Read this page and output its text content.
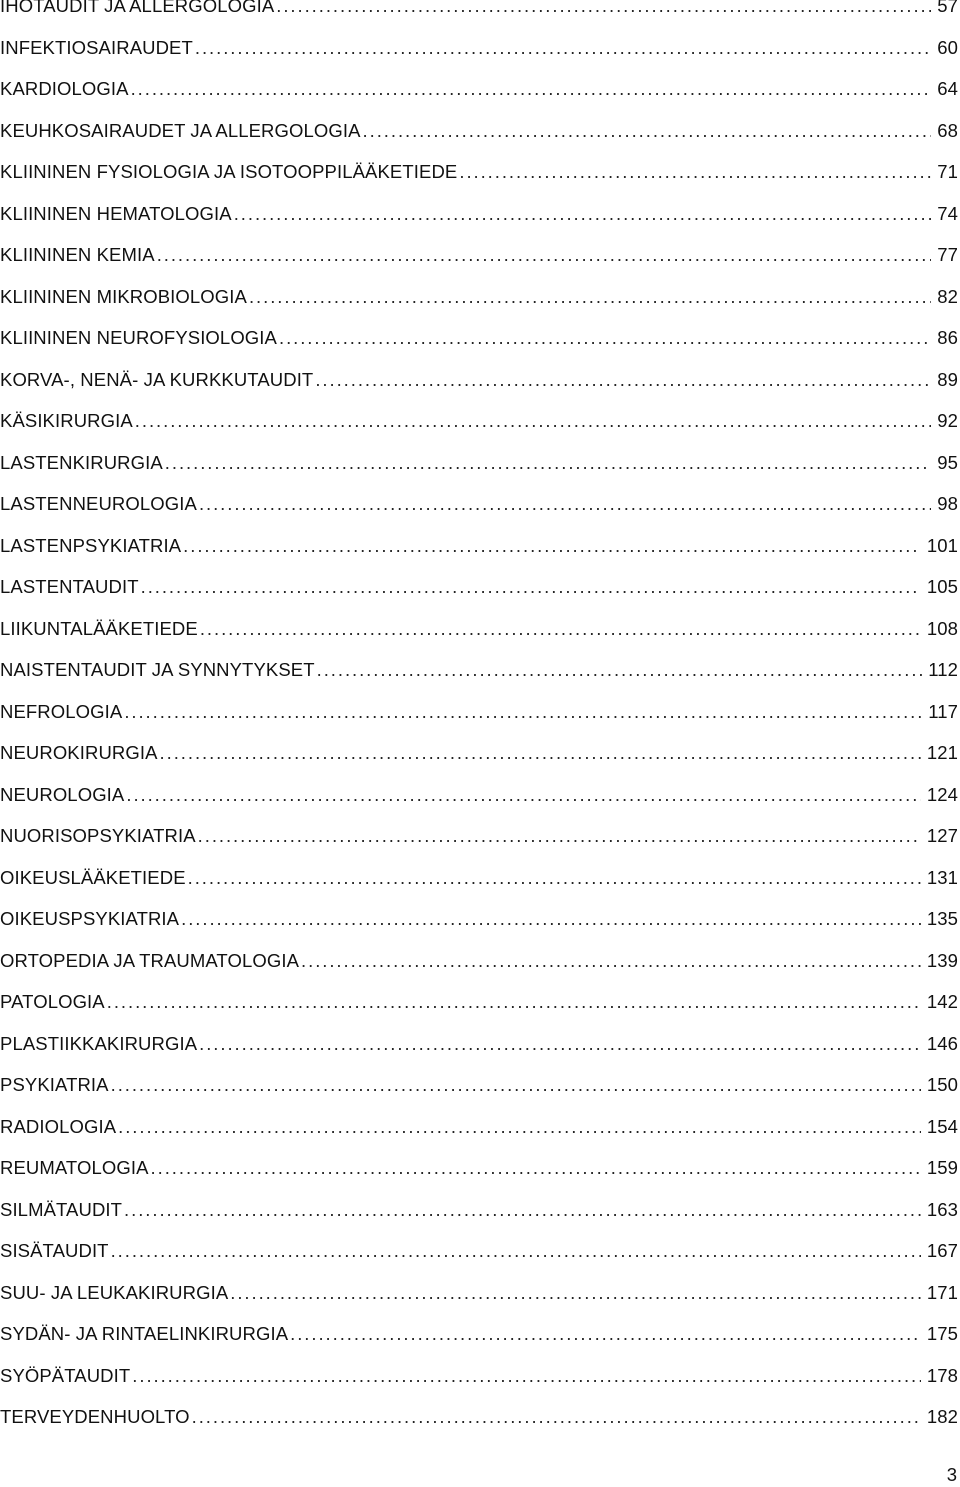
IHOTAUDIT JA ALLERGOLOGIA . . .	57
INFEKTIOSAIRAUDET . . .	60
KARDIOLOGIA . . .	64
KEUHKOSAIRAUDET JA ALLERGOLOGIA . . .	68
KLIININEN FYSIOLOGIA JA ISOTOOPPILÄÄKETIEDE . . .	71
KLIININEN HEMATOLOGIA . . .	74
KLIININEN KEMIA . . .	77
KLIININEN MIKROBIOLOGIA . . .	82
KLIININEN NEUROFYSIOLOGIA . . .	86
KORVA-, NENÄ- JA KURKKUTAUDIT . . .	89
KÄSIKIRURGIA . . .	92
LASTENKIRURGIA . . .	95
LASTENNEUROLOGIA . . .	98
LASTENPSYKIATRIA . . .	101
LASTENTAUDIT . . .	105
LIIKUNTALÄÄKETIEDE . . .	108
NAISTENTAUDIT JA SYNNYTYKSET . . .	112
NEFROLOGIA . . .	117
NEUROKIRURGIA . . .	121
NEUROLOGIA . . .	124
NUORISOPSYKIATRIA . . .	127
OIKEUSLÄÄKETIEDE . . .	131
OIKEUSPSYKIATRIA . . .	135
ORTOPEDIA JA TRAUMATOLOGIA . . .	139
PATOLOGIA . . .	142
PLASTIIKKAKIRURGIA . . .	146
PSYKIATRIA . . .	150
RADIOLOGIA . . .	154
REUMATOLOGIA . . .	159
SILMÄTAUDIT . . .	163
SISÄTAUDIT . . .	167
SUU- JA LEUKAKIRURGIA . . .	171
SYDÄN- JA RINTAELINKIRURGIA . . .	175
SYÖPÄTAUDIT . . .	178
TERVEYDENHUOLTO . . .	182
3
